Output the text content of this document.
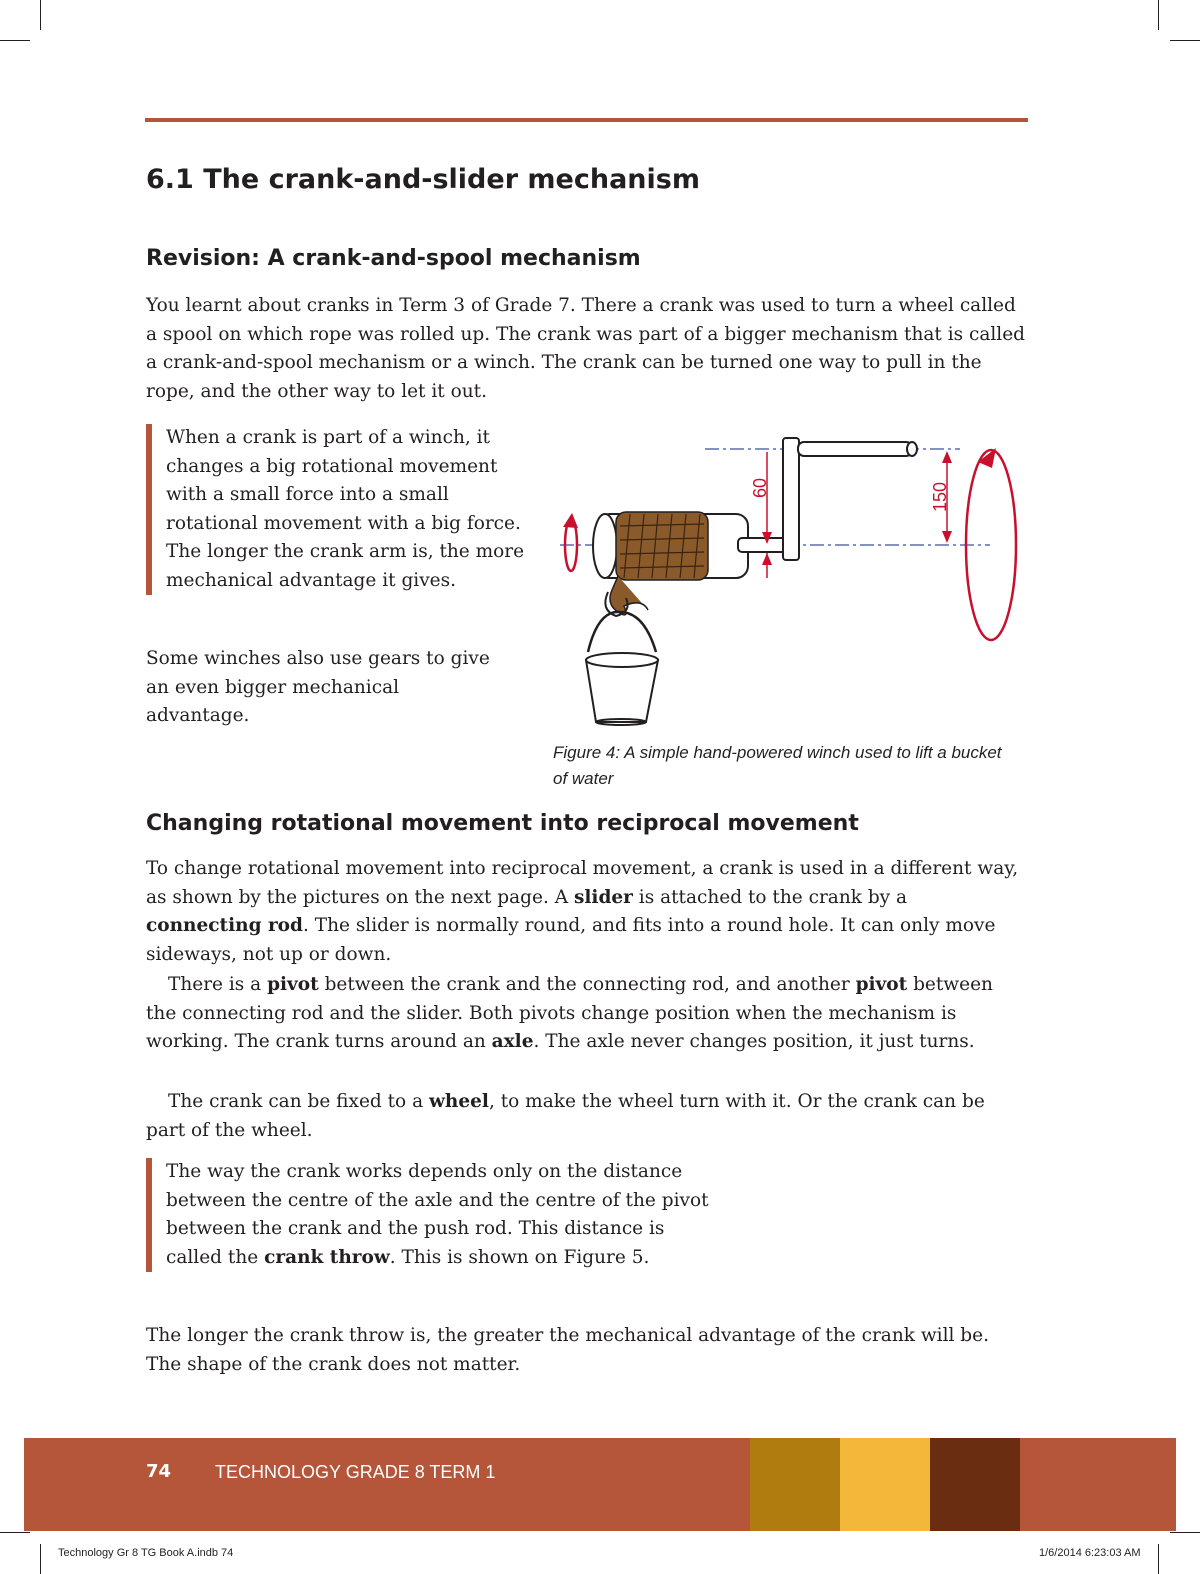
6.1 The crank-and-slider mechanism
Revision: A crank-and-spool mechanism

You learnt about cranks in Term 3 of Grade 7. There a crank was used to turn a wheel called a spool on which rope was rolled up. The crank was part of a bigger mechanism that is called a crank-and-spool mechanism or a winch. The crank can be turned one way to pull in the rope, and the other way to let it out.

When a crank is part of a winch, it changes a big rotational movement with a small force into a small rotational movement with a big force. The longer the crank arm is, the more mechanical advantage it gives.

Some winches also use gears to give an even bigger mechanical advantage.

60	150

Figure 4: A simple hand-powered winch used to lift a bucket of water

Changing rotational movement into reciprocal movement

To change rotational movement into reciprocal movement, a crank is used in a different way, as shown by the pictures on the next page. A slider is attached to the crank by a connecting rod. The slider is normally round, and fits into a round hole. It can only move sideways, not up or down.

There is a pivot between the crank and the connecting rod, and another pivot between the connecting rod and the slider. Both pivots change position when the mechanism is working. The crank turns around an axle. The axle never changes position, it just turns.

The crank can be fixed to a wheel, to make the wheel turn with it. Or the crank can be part of the wheel.

The way the crank works depends only on the distance between the centre of the axle and the centre of the pivot between the crank and the push rod. This distance is called the crank throw. This is shown on Figure 5.

The longer the crank throw is, the greater the mechanical advantage of the crank will be. The shape of the crank does not matter.

74 TECHNOLOGY GRADE 8 TERM 1
Technology Gr 8 TG Book A.indb 74	1/6/2014 6:23:03 AM
